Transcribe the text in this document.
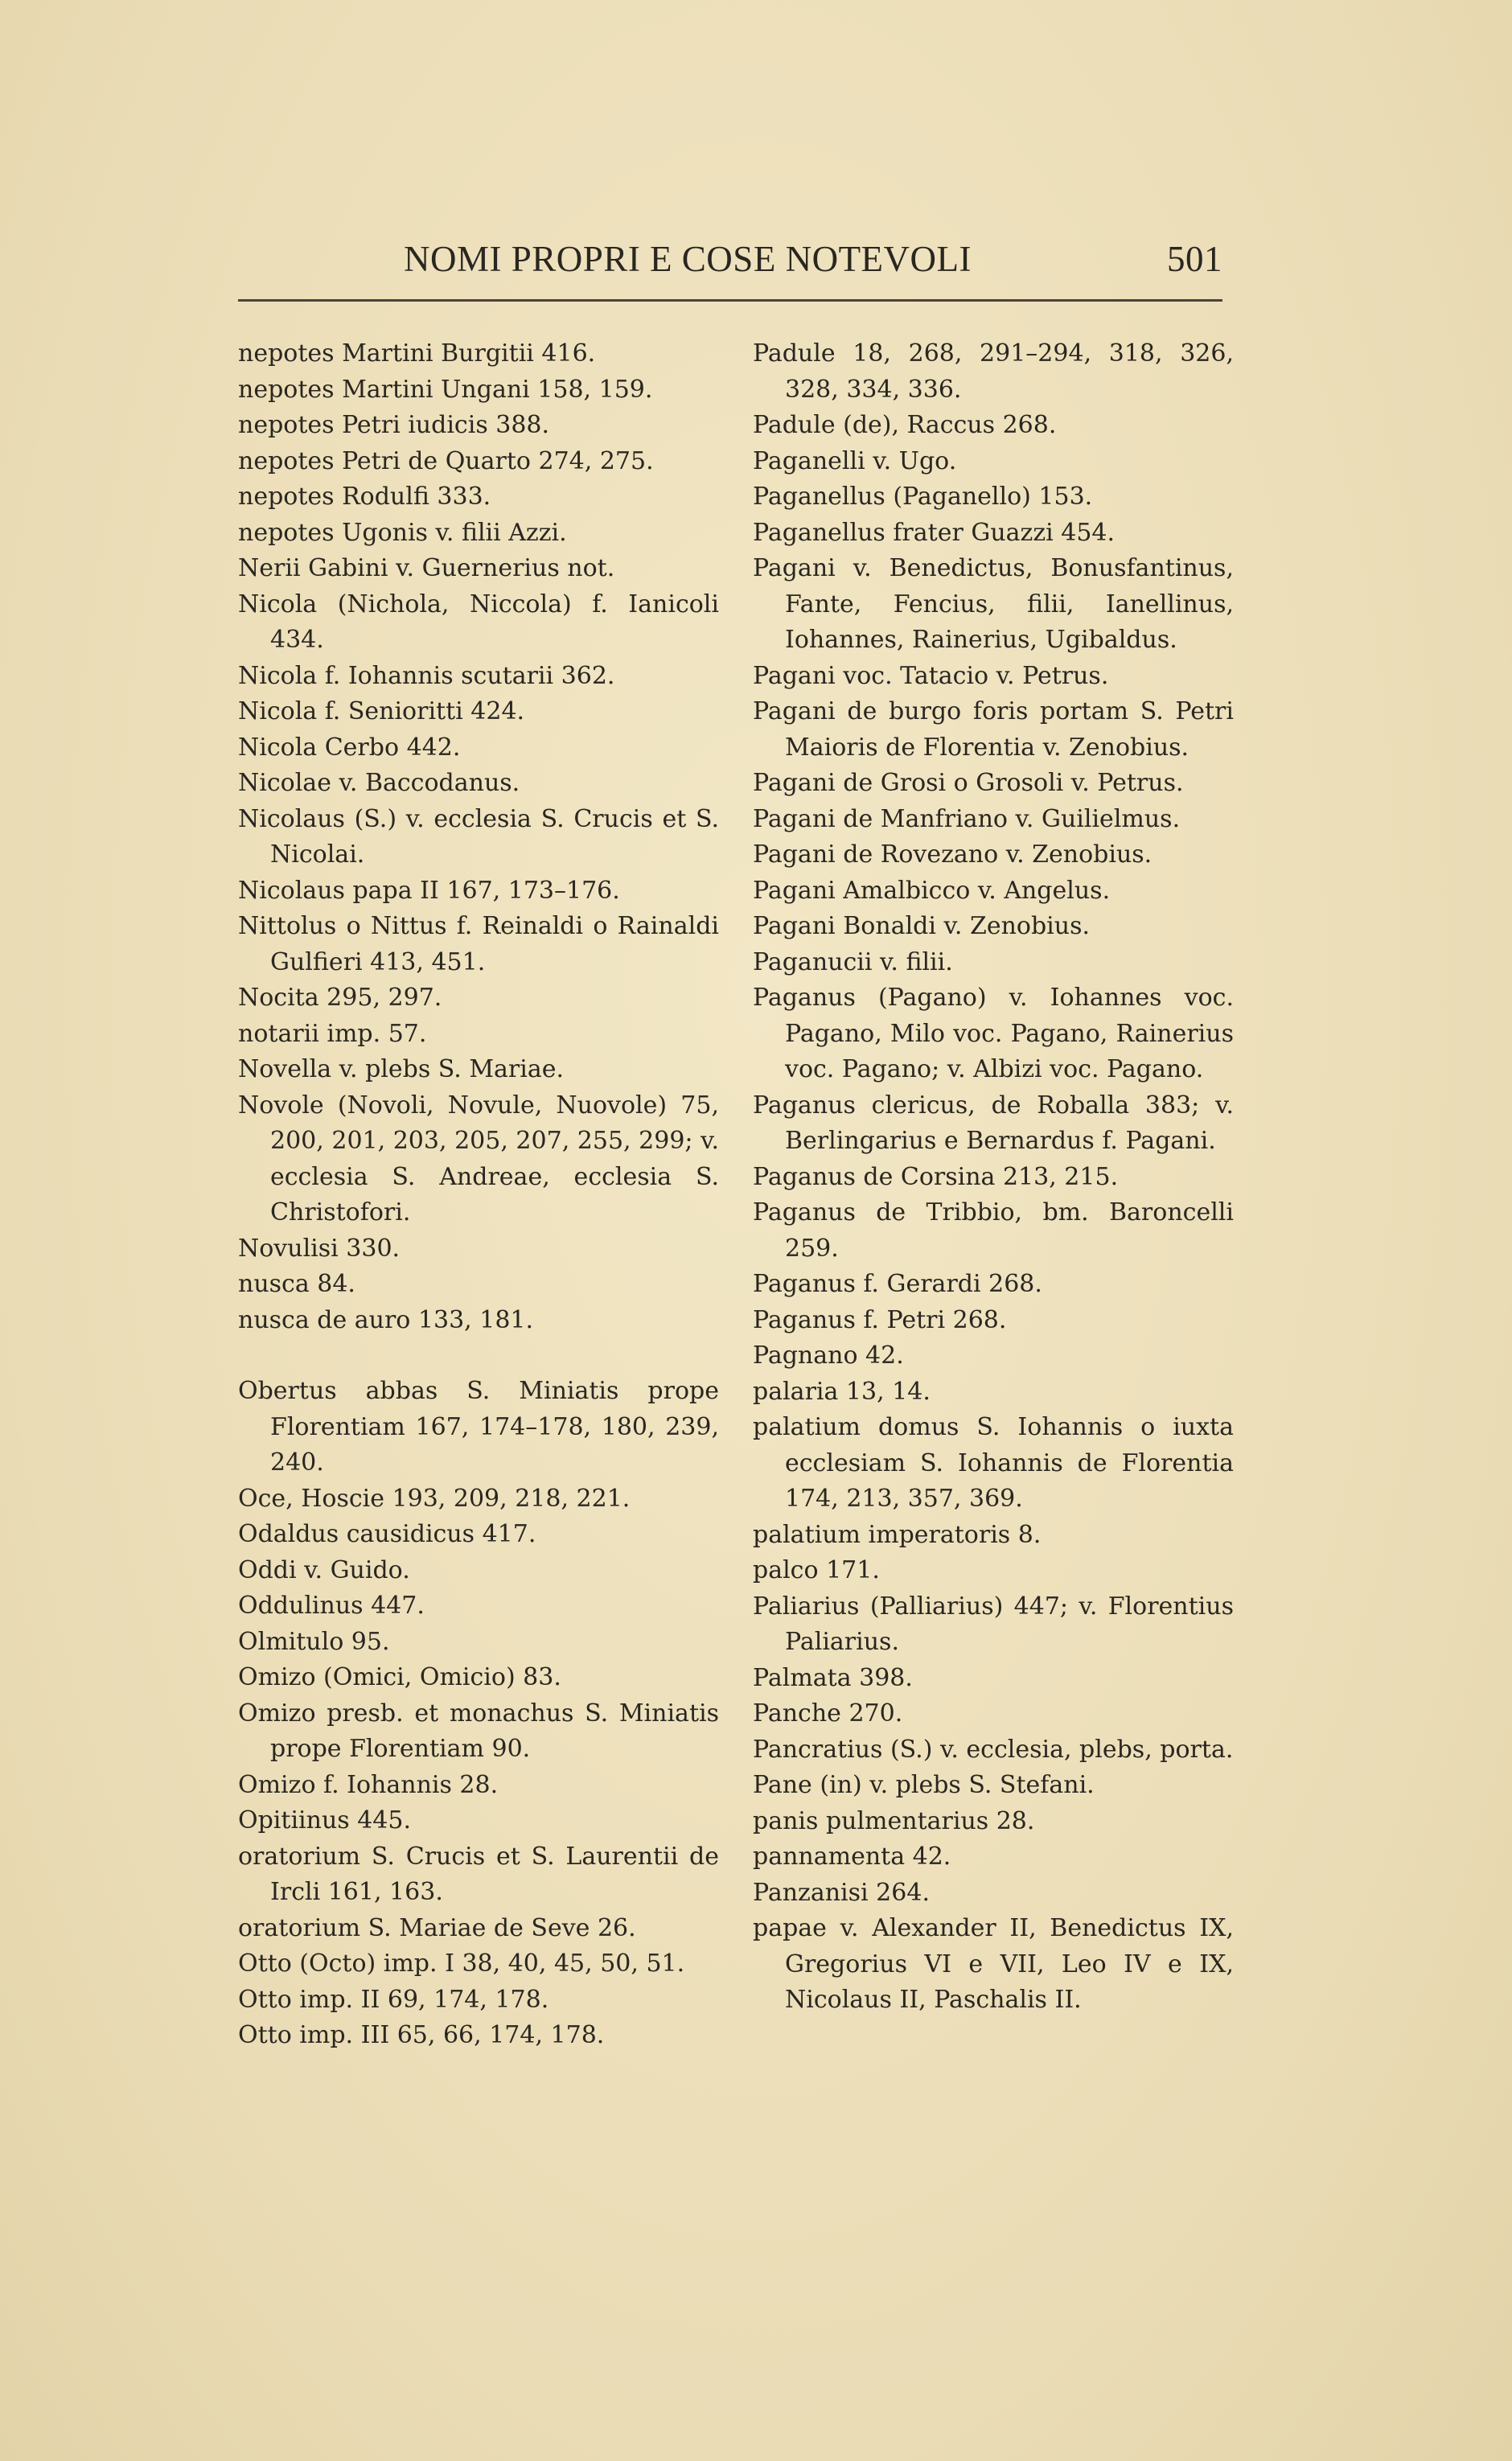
NOMI PROPRI E COSE NOTEVOLI	501
nepotes Martini Burgitii 416.
nepotes Martini Ungani 158, 159.
nepotes Petri iudicis 388.
nepotes Petri de Quarto 274, 275.
nepotes Rodulfi 333.
nepotes Ugonis v. filii Azzi.
Nerii Gabini v. Guernerius not.
Nicola (Nichola, Niccola) f. Ianicoli 434.
Nicola f. Iohannis scutarii 362.
Nicola f. Senioritti 424.
Nicola Cerbo 442.
Nicolae v. Baccodanus.
Nicolaus (S.) v. ecclesia S. Crucis et S. Nicolai.
Nicolaus papa II 167, 173–176.
Nittolus o Nittus f. Reinaldi o Rainaldi Gulfieri 413, 451.
Nocita 295, 297.
notarii imp. 57.
Novella v. plebs S. Mariae.
Novole (Novoli, Novule, Nuovole) 75, 200, 201, 203, 205, 207, 255, 299; v. ecclesia S. Andreae, ecclesia S. Christofori.
Novulisi 330.
nusca 84.
nusca de auro 133, 181.
Obertus abbas S. Miniatis prope Florentiam 167, 174–178, 180, 239, 240.
Oce, Hoscie 193, 209, 218, 221.
Odaldus causidicus 417.
Oddi v. Guido.
Oddulinus 447.
Olmitulo 95.
Omizo (Omici, Omicio) 83.
Omizo presb. et monachus S. Miniatis prope Florentiam 90.
Omizo f. Iohannis 28.
Opitiinus 445.
oratorium S. Crucis et S. Laurentii de Ircli 161, 163.
oratorium S. Mariae de Seve 26.
Otto (Octo) imp. I 38, 40, 45, 50, 51.
Otto imp. II 69, 174, 178.
Otto imp. III 65, 66, 174, 178.
Padule 18, 268, 291–294, 318, 326, 328, 334, 336.
Padule (de), Raccus 268.
Paganelli v. Ugo.
Paganellus (Paganello) 153.
Paganellus frater Guazzi 454.
Pagani v. Benedictus, Bonusfantinus, Fante, Fencius, filii, Ianellinus, Iohannes, Rainerius, Ugibaldus.
Pagani voc. Tatacio v. Petrus.
Pagani de burgo foris portam S. Petri Maioris de Florentia v. Zenobius.
Pagani de Grosi o Grosoli v. Petrus.
Pagani de Manfriano v. Guilielmus.
Pagani de Rovezano v. Zenobius.
Pagani Amalbicco v. Angelus.
Pagani Bonaldi v. Zenobius.
Paganucii v. filii.
Paganus (Pagano) v. Iohannes voc. Pagano, Milo voc. Pagano, Rainerius voc. Pagano; v. Albizi voc. Pagano.
Paganus clericus, de Roballa 383; v. Berlingarius e Bernardus f. Pagani.
Paganus de Corsina 213, 215.
Paganus de Tribbio, bm. Baroncelli 259.
Paganus f. Gerardi 268.
Paganus f. Petri 268.
Pagnano 42.
palaria 13, 14.
palatium domus S. Iohannis o iuxta ecclesiam S. Iohannis de Florentia 174, 213, 357, 369.
palatium imperatoris 8.
palco 171.
Paliarius (Palliarius) 447; v. Florentius Paliarius.
Palmata 398.
Panche 270.
Pancratius (S.) v. ecclesia, plebs, porta.
Pane (in) v. plebs S. Stefani.
panis pulmentarius 28.
pannamenta 42.
Panzanisi 264.
papae v. Alexander II, Benedictus IX, Gregorius VI e VII, Leo IV e IX, Nicolaus II, Paschalis II.
